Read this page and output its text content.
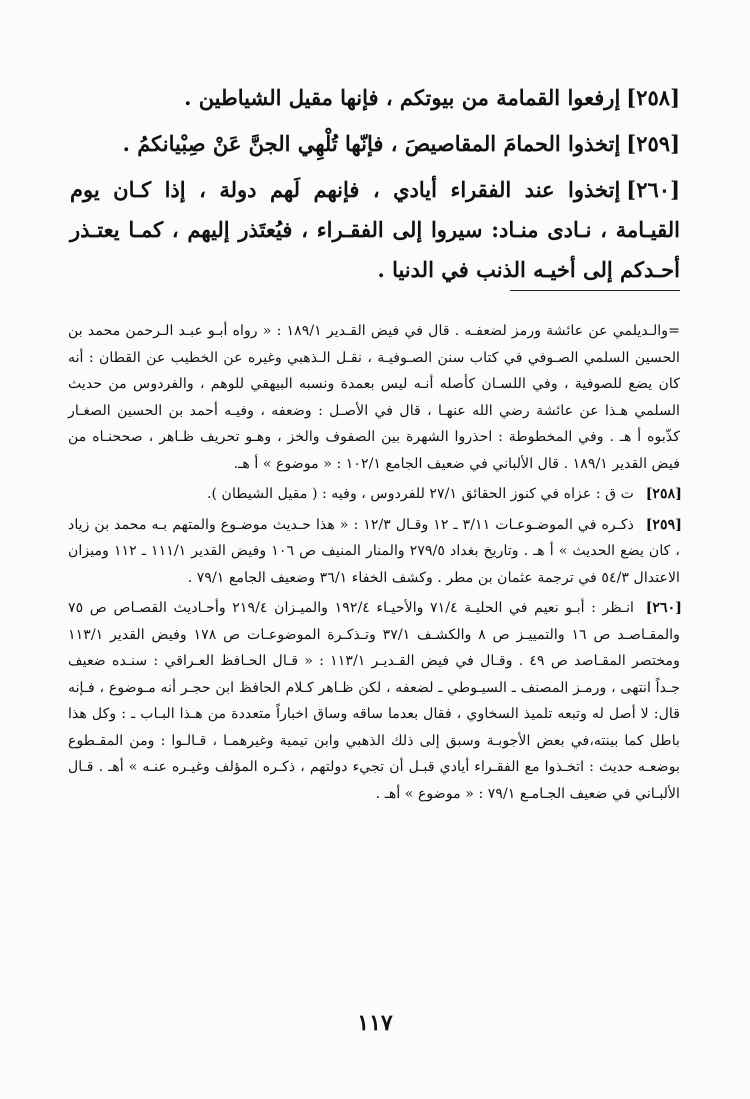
[٢٥٨]إرفعوا القمامة من بيوتكم ، فإنها مقيل الشياطين .

[٢٥٩]إتخذوا الحمامَ المقاصيصَ ، فإنّها تُلْهِي الجنَّ عَنْ صِبْيانكمُ .

[٢٦٠]إتخذوا عند الفقراء أيادي ، فإنهم لَهم دولة ، إذا كـان يوم القيـامة ، نـادى منـاد: سيروا إلى الفقـراء ، فيُعتَذر إليهم ، كمـا يعتـذر أحـدكم إلى أخيـه الذنب في الدنيا .

=والـديلمي عن عائشة ورمز لضعفـه . قال في فيض القـدير ١٨٩/١ : « رواه أبـو عبـد الـرحمن محمد بن الحسين السلمي الصـوفي في كتاب سنن الصـوفيـة ، نقـل الـذهبي وغيره عن الخطيب عن القطان : أنه كان يضع للصوفية ، وفي اللسـان كأصله أنـه ليس بعمدة ونسبه البيهقي للوهم ، والفردوس من حديث السلمي هـذا عن عائشة رضي الله عنهـا ، قال في الأصـل : وضعفه ، وفيـه أحمد بن الحسين الصغـار كذّبوه أ هـ . وفي المخطوطة : احذروا الشهرة بين الصفوف والخز ، وهـو تحريف ظـاهر ، صححنـاه من فيض القدير ١٨٩/١ . قال الألباني في ضعيف الجامع ١٠٢/١ : « موضوع » أ هـ.

[٢٥٨]
ت ق : عزاه في كنوز الحقائق ٢٧/١ للفردوس ، وفيه : ( مقيل الشيطان ).

[٢٥٩]
ذكـره في الموضـوعـات ٣/١١ ـ ١٢ وقـال ١٢/٣ : « هذا حـديث موضـوع والمتهم بـه محمد بن زياد ، كان يضع الحديث » أ هـ . وتاريخ بغداد ٢٧٩/٥ والمنار المنيف ص ١٠٦ وفيض القدير ١١١/١ ـ ١١٢ وميزان الاعتدال ٥٤/٣ في ترجمة عثمان بن مطر . وكشف الخفاء ٣٦/١ وضعيف الجامع ٧٩/١ .

[٢٦٠]
انـظر : أبـو نعيم في الحليـة ٧١/٤ والأحيـاء ١٩٢/٤ والميـزان ٢١٩/٤ وأحـاديث القصـاص ص ٧٥ والمقـاصـد ص ١٦ والتمييـز ص ٨ والكشـف ٣٧/١ وتـذكـرة الموضوعـات ص ١٧٨ وفيض القدير ١١٣/١ ومختصر المقـاصد ص ٤٩ . وقـال في فيض القـديـر ١١٣/١ : « قـال الحـافظ العـراقي : سنـده ضعيف جـداً انتهى ، ورمـز المصنف ـ السيـوطي ـ لضعفه ، لكن ظـاهر كـلام الحافظ ابن حجـر أنه مـوضوع ، فـإنه قال: لا أصل له وتبعه تلميذ السخاوي ، فقال بعدما ساقه وساق اخباراً متعددة من هـذا البـاب ـ : وكل هذا باطل كما بينته،في بعض الأجوبـة وسبق إلى ذلك الذهبي وابن تيمية وغيرهمـا ، قـالـوا : ومن المقـطوع بوضعـه حديث : اتخـذوا مع الفقـراء أيادي قبـل أن تجيء دولتهم ، ذكـره المؤلف وغيـره عنـه » أهـ . قـال الألبـاني في ضعيف الجـامـع ٧٩/١ : « موضوع » أهـ .

١١٧
